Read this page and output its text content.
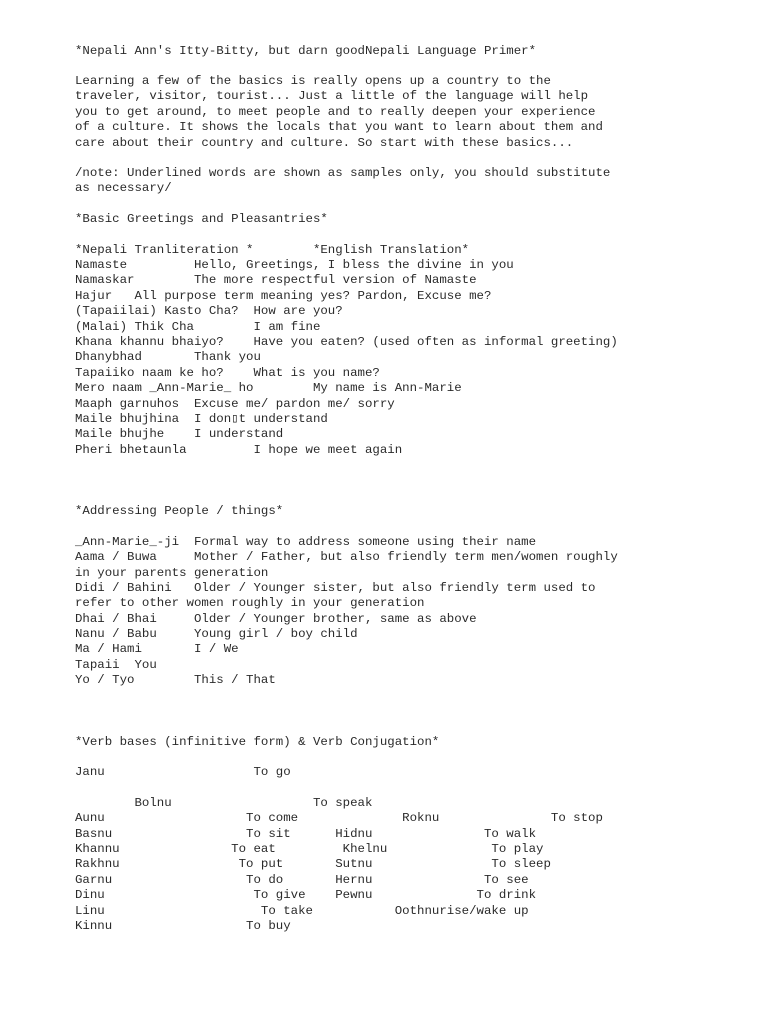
*Nepali Ann's Itty-Bitty, but darn goodNepali Language Primer*
Learning a few of the basics is really opens up a country to the
traveler, visitor, tourist... Just a little of the language will help
you to get around, to meet people and to really deepen your experience
of a culture. It shows the locals that you want to learn about them and
care about their country and culture. So start with these basics...
/note: Underlined words are shown as samples only, you should substitute
as necessary/
*Basic Greetings and Pleasantries*
*Nepali Tranliteration *        *English Translation*
Namaste         Hello, Greetings, I bless the divine in you
Namaskar        The more respectful version of Namaste
Hajur   All purpose term meaning yes? Pardon, Excuse me?
(Tapaiilai) Kasto Cha?  How are you?
(Malai) Thik Cha        I am fine
Khana khannu bhaiyo?    Have you eaten? (used often as informal greeting)
Dhanybhad       Thank you
Tapaiiko naam ke ho?    What is you name?
Mero naam _Ann-Marie_ ho        My name is Ann-Marie
Maaph garnuhos  Excuse me/ pardon me/ sorry
Maile bhujhina  I don▯t understand
Maile bhujhe    I understand
Pheri bhetaunla         I hope we meet again
*Addressing People / things*
_Ann-Marie_-ji  Formal way to address someone using their name
Aama / Buwa     Mother / Father, but also friendly term men/women roughly
in your parents generation
Didi / Bahini   Older / Younger sister, but also friendly term used to
refer to other women roughly in your generation
Dhai / Bhai     Older / Younger brother, same as above
Nanu / Babu     Young girl / boy child
Ma / Hami       I / We
Tapaii  You
Yo / Tyo        This / That
*Verb bases (infinitive form) & Verb Conjugation*
Janu                    To go
Bolnu                   To speak
Aunu                   To come              Roknu               To stop
Basnu                  To sit      Hidnu               To walk
Khannu               To eat         Khelnu              To play
Rakhnu                To put       Sutnu                To sleep
Garnu                  To do       Hernu               To see
Dinu                    To give    Pewnu              To drink
Linu                     To take           Oothnurise/wake up
Kinnu                  To buy
